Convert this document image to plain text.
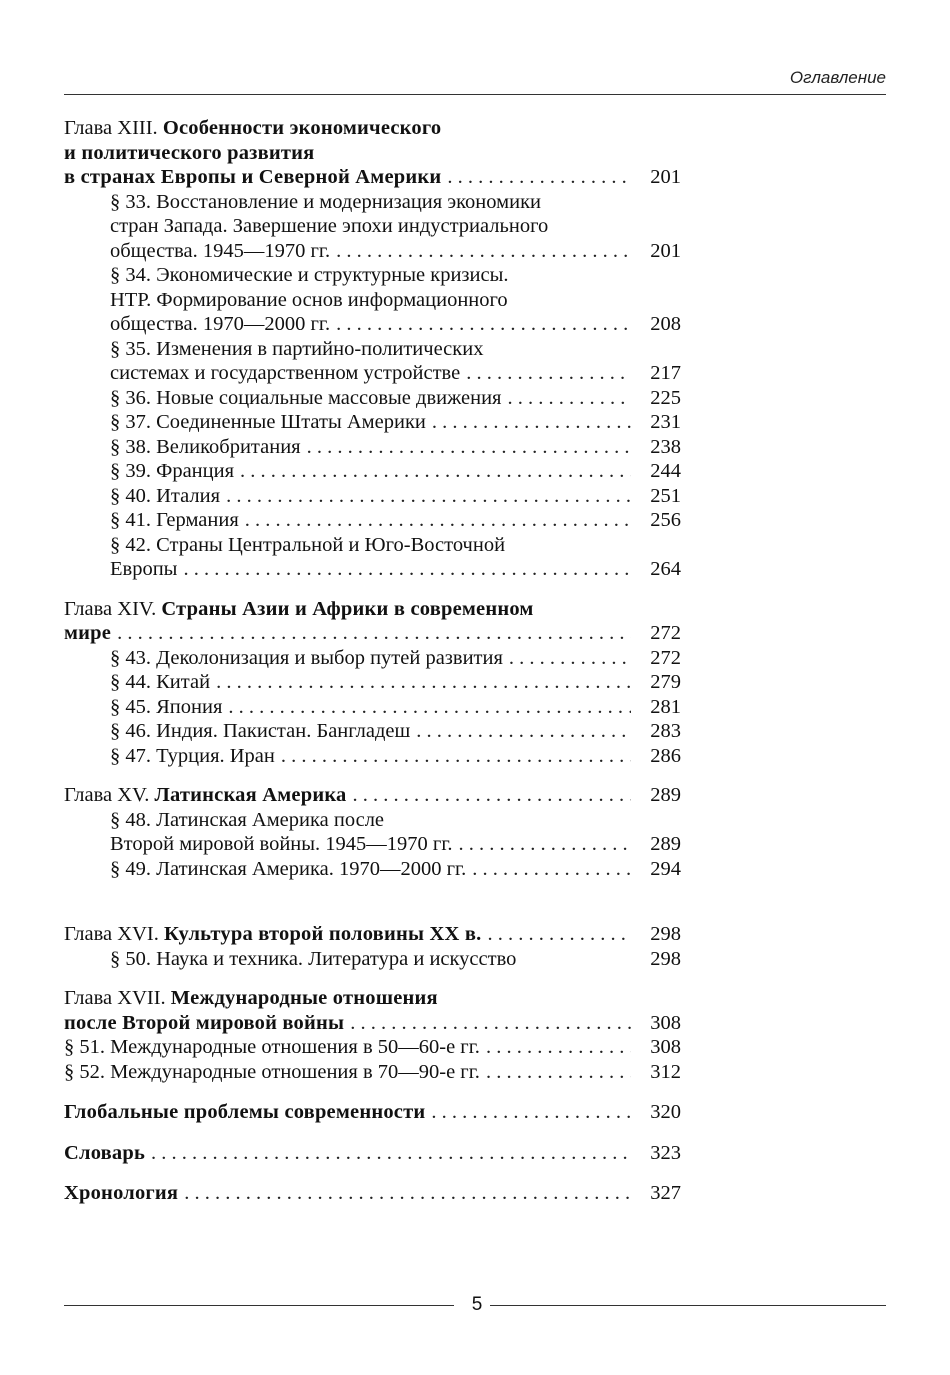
Оглавление
Глава XIII. Особенности экономического
и политического развития
в странах Европы и Северной Америки . . .	201
§ 33. Восстановление и модернизация экономики
стран Запада. Завершение эпохи индустриального
общества. 1945—1970 гг. . . .	201
§ 34. Экономические и структурные кризисы.
НТР. Формирование основ информационного
общества. 1970—2000 гг. . . .	208
§ 35. Изменения в партийно-политических
системах и государственном устройстве . . .	217
§ 36. Новые социальные массовые движения . . .	225
§ 37. Соединенные Штаты Америки . . .	231
§ 38. Великобритания . . .	238
§ 39. Франция . . .	244
§ 40. Италия . . .	251
§ 41. Германия . . .	256
§ 42. Страны Центральной и Юго-Восточной
Европы . . .	264
Глава XIV. Страны Азии и Африки в современном
мире . . .	272
§ 43. Деколонизация и выбор путей развития . . .	272
§ 44. Китай . . .	279
§ 45. Япония . . .	281
§ 46. Индия. Пакистан. Бангладеш . . .	283
§ 47. Турция. Иран . . .	286
Глава XV. Латинская Америка . . .	289
§ 48. Латинская Америка после
Второй мировой войны. 1945—1970 гг. . . .	289
§ 49. Латинская Америка. 1970—2000 гг. . . .	294
Глава XVI. Культура второй половины XX в. . . .	298
§ 50. Наука и техника. Литература и искусство	298
Глава XVII. Международные отношения
после Второй мировой войны . . .	308
§ 51. Международные отношения в 50—60-е гг. . . .	308
§ 52. Международные отношения в 70—90-е гг. . . .	312
Глобальные проблемы современности . . .	320
Словарь . . .	323
Хронология . . .	327
5
